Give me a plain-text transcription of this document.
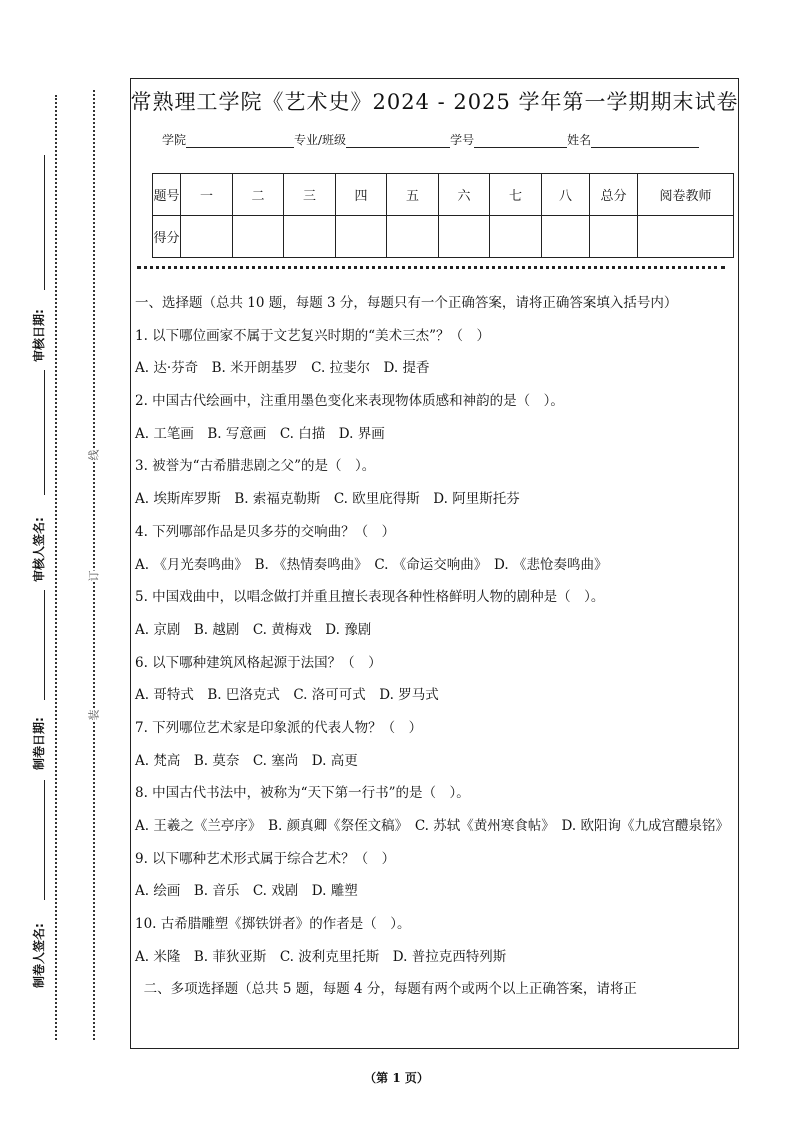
审核日期:
审核人签名:
制卷日期:
制卷人签名:
线
订
装
常熟理工学院《艺术史》2024 - 2025 学年第一学期期末试卷
学院	专业/班级	学号	姓名
题号	一	二	三	四	五	六	七	八	总分	阅卷教师
得分										

一、选择题（总共 10 题，每题 3 分，每题只有一个正确答案，请将正确答案填入括号内）

1. 以下哪位画家不属于文艺复兴时期的“美术三杰”？（　）

A. 达·芬奇　B. 米开朗基罗　C. 拉斐尔　D. 提香

2. 中国古代绘画中，注重用墨色变化来表现物体质感和神韵的是（　）。

A. 工笔画　B. 写意画　C. 白描　D. 界画

3. 被誉为“古希腊悲剧之父”的是（　）。

A. 埃斯库罗斯　B. 索福克勒斯　C. 欧里庇得斯　D. 阿里斯托芬

4. 下列哪部作品是贝多芬的交响曲？（　）

A. 《月光奏鸣曲》　B. 《热情奏鸣曲》　C. 《命运交响曲》　D. 《悲怆奏鸣曲》

5. 中国戏曲中，以唱念做打并重且擅长表现各种性格鲜明人物的剧种是（　）。

A. 京剧　B. 越剧　C. 黄梅戏　D. 豫剧

6. 以下哪种建筑风格起源于法国？（　）

A. 哥特式　B. 巴洛克式　C. 洛可可式　D. 罗马式

7. 下列哪位艺术家是印象派的代表人物？（　）

A. 梵高　B. 莫奈　C. 塞尚　D. 高更

8. 中国古代书法中，被称为“天下第一行书”的是（　）。

A. 王羲之《兰亭序》　B. 颜真卿《祭侄文稿》　C. 苏轼《黄州寒食帖》　D. 欧阳询《九成宫醴泉铭》

9. 以下哪种艺术形式属于综合艺术？（　）

A. 绘画　B. 音乐　C. 戏剧　D. 雕塑

10. 古希腊雕塑《掷铁饼者》的作者是（　）。

A. 米隆　B. 菲狄亚斯　C. 波利克里托斯　D. 普拉克西特列斯

二、多项选择题（总共 5 题，每题 4 分，每题有两个或两个以上正确答案，请将正

（第 1 页）
